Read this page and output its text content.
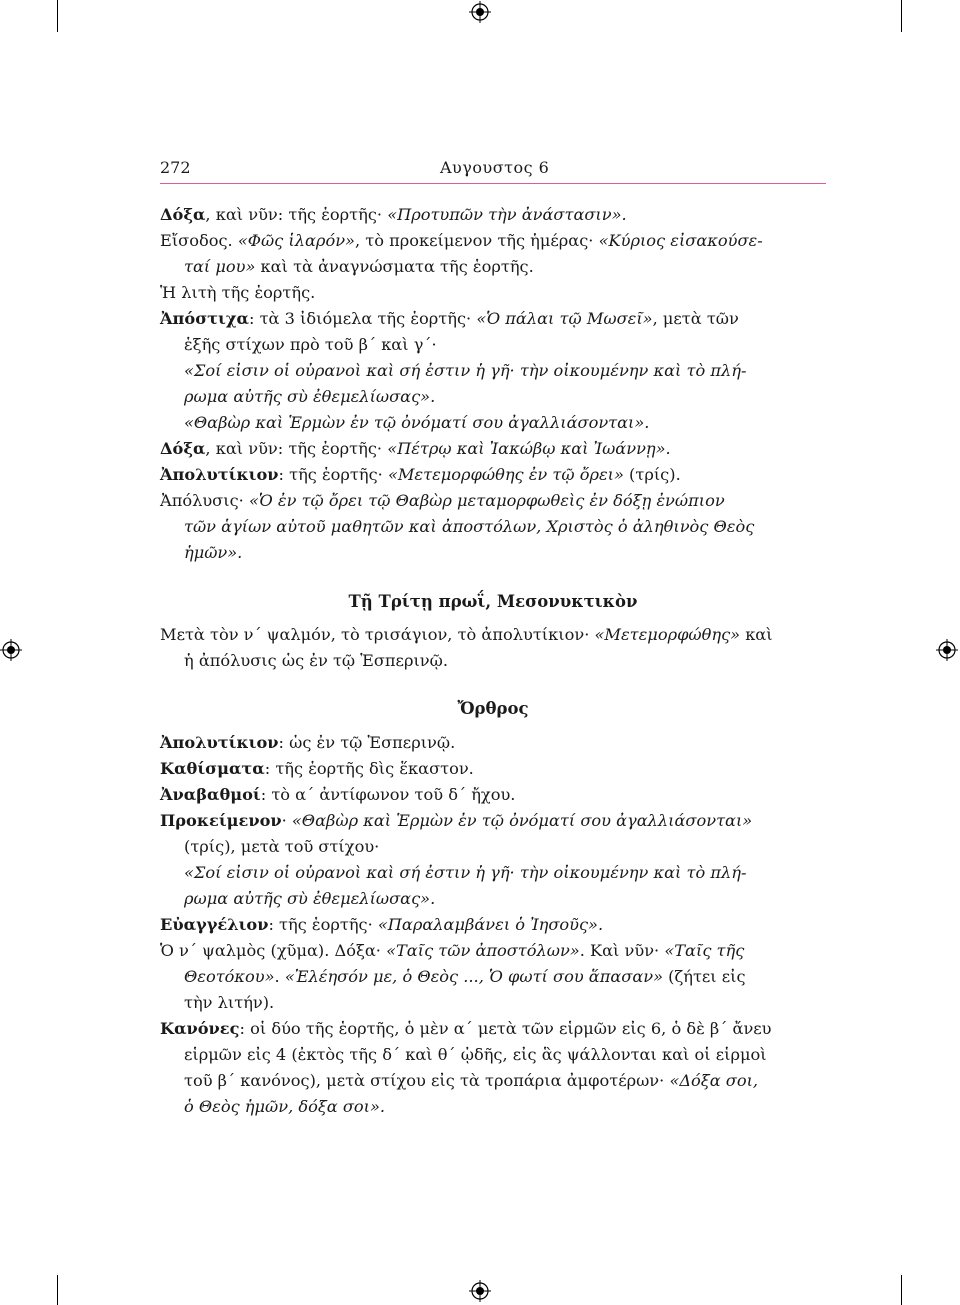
272	Αυγουστος 6
Δόξα, καὶ νῦν: τῆς ἑορτῆς· «Προτυπῶν τὴν ἀνάστασιν».
Εἴσοδος. «Φῶς ἱλαρόν», τὸ προκείμενον τῆς ἡμέρας· «Κύριος εἰσακούσε-
ταί μου» καὶ τὰ ἀναγνώσματα τῆς ἑορτῆς.
Ἡ λιτὴ τῆς ἑορτῆς.
Ἀπόστιχα: τὰ 3 ἰδιόμελα τῆς ἑορτῆς· «Ὁ πάλαι τῷ Μωσεῖ», μετὰ τῶν
ἑξῆς στίχων πρὸ τοῦ β΄ καὶ γ΄·
«Σοί εἰσιν οἱ οὐρανοὶ καὶ σή ἐστιν ἡ γῆ· τὴν οἰκουμένην καὶ τὸ πλή-
ρωμα αὐτῆς σὺ ἐθεμελίωσας».
«Θαβὼρ καὶ Ἑρμὼν ἐν τῷ ὀνόματί σου ἀγαλλιάσονται».
Δόξα, καὶ νῦν: τῆς ἑορτῆς· «Πέτρῳ καὶ Ἰακώβῳ καὶ Ἰωάννῃ».
Ἀπολυτίκιον: τῆς ἑορτῆς· «Μετεμορφώθης ἐν τῷ ὄρει» (τρίς).
Ἀπόλυσις· «Ὁ ἐν τῷ ὄρει τῷ Θαβὼρ μεταμορφωθεὶς ἐν δόξῃ ἐνώπιον
τῶν ἁγίων αὐτοῦ μαθητῶν καὶ ἀποστόλων, Χριστὸς ὁ ἀληθινὸς Θεὸς
ἡμῶν».
Τῇ Τρίτῃ πρωΐ, Μεσονυκτικὸν
Μετὰ τὸν ν΄ ψαλμόν, τὸ τρισάγιον, τὸ ἀπολυτίκιον· «Μετεμορφώθης» καὶ
ἡ ἀπόλυσις ὡς ἐν τῷ Ἑσπερινῷ.
Ὄρθρος
Ἀπολυτίκιον: ὡς ἐν τῷ Ἑσπερινῷ.
Καθίσματα: τῆς ἑορτῆς δὶς ἕκαστον.
Ἀναβαθμοί: τὸ α΄ ἀντίφωνον τοῦ δ΄ ἤχου.
Προκείμενον· «Θαβὼρ καὶ Ἑρμὼν ἐν τῷ ὀνόματί σου ἀγαλλιάσονται»
(τρίς), μετὰ τοῦ στίχου·
«Σοί εἰσιν οἱ οὐρανοὶ καὶ σή ἐστιν ἡ γῆ· τὴν οἰκουμένην καὶ τὸ πλή-
ρωμα αὐτῆς σὺ ἐθεμελίωσας».
Εὐαγγέλιον: τῆς ἑορτῆς· «Παραλαμβάνει ὁ Ἰησοῦς».
Ὁ ν΄ ψαλμὸς (χῦμα). Δόξα· «Ταῖς τῶν ἀποστόλων». Καὶ νῦν· «Ταῖς τῆς
Θεοτόκου». «Ἐλέησόν με, ὁ Θεὸς ..., Ὁ φωτί σου ἅπασαν» (ζήτει εἰς
τὴν λιτήν).
Κανόνες: οἱ δύο τῆς ἑορτῆς, ὁ μὲν α΄ μετὰ τῶν εἱρμῶν εἰς 6, ὁ δὲ β΄ ἄνευ
εἱρμῶν εἰς 4 (ἐκτὸς τῆς δ΄ καὶ θ΄ ᾠδῆς, εἰς ἃς ψάλλονται καὶ οἱ εἱρμοὶ
τοῦ β΄ κανόνος), μετὰ στίχου εἰς τὰ τροπάρια ἀμφοτέρων· «Δόξα σοι,
ὁ Θεὸς ἡμῶν, δόξα σοι».
